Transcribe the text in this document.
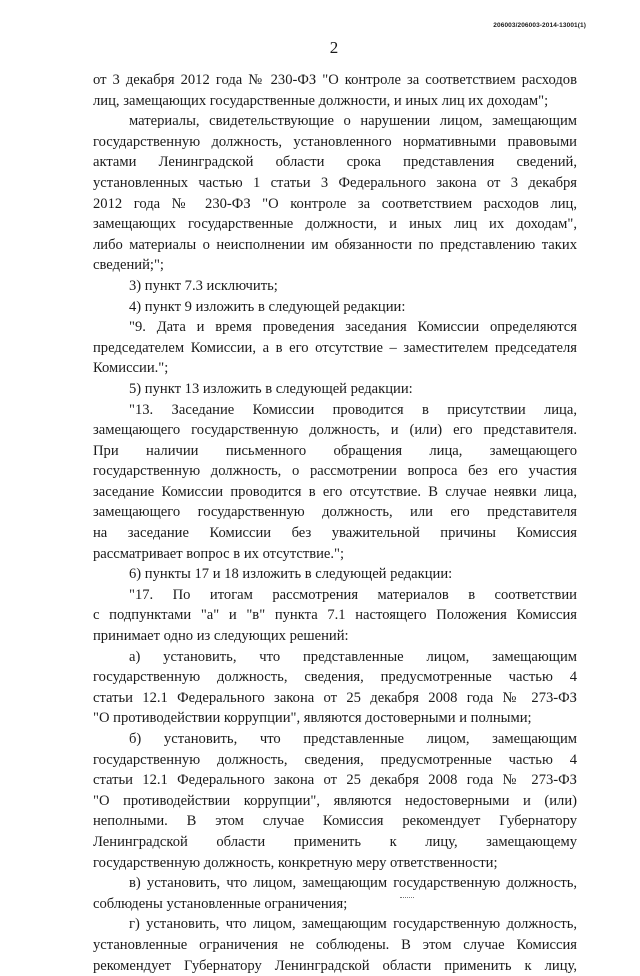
206003/206003-2014-13001(1)
2
от 3 декабря 2012 года № 230-ФЗ "О контроле за соответствием расходов
лиц, замещающих государственные должности, и иных лиц их доходам";
материалы, свидетельствующие о нарушении лицом, замещающим
государственную должность, установленного нормативными правовыми
актами Ленинградской области срока представления сведений,
установленных частью 1 статьи 3 Федерального закона от 3 декабря
2012 года № 230-ФЗ "О контроле за соответствием расходов лиц,
замещающих государственные должности, и иных лиц их доходам",
либо материалы о неисполнении им обязанности по представлению таких
сведений;";
3) пункт 7.3 исключить;
4) пункт 9 изложить в следующей редакции:
"9. Дата и время проведения заседания Комиссии определяются
председателем Комиссии, а в его отсутствие – заместителем председателя
Комиссии.";
5) пункт 13 изложить в следующей редакции:
"13. Заседание Комиссии проводится в присутствии лица,
замещающего государственную должность, и (или) его представителя.
При наличии письменного обращения лица, замещающего
государственную должность, о рассмотрении вопроса без его участия
заседание Комиссии проводится в его отсутствие. В случае неявки лица,
замещающего государственную должность, или его представителя
на заседание Комиссии без уважительной причины Комиссия
рассматривает вопрос в их отсутствие.";
6) пункты 17 и 18 изложить в следующей редакции:
"17. По итогам рассмотрения материалов в соответствии
с подпунктами "а" и "в" пункта 7.1 настоящего Положения Комиссия
принимает одно из следующих решений:
а) установить, что представленные лицом, замещающим
государственную должность, сведения, предусмотренные частью 4
статьи 12.1 Федерального закона от 25 декабря 2008 года № 273-ФЗ
"О противодействии коррупции", являются достоверными и полными;
б) установить, что представленные лицом, замещающим
государственную должность, сведения, предусмотренные частью 4
статьи 12.1 Федерального закона от 25 декабря 2008 года № 273-ФЗ
"О противодействии коррупции", являются недостоверными и (или)
неполными. В этом случае Комиссия рекомендует Губернатору
Ленинградской области применить к лицу, замещающему
государственную должность, конкретную меру ответственности;
в) установить, что лицом, замещающим государственную должность,
соблюдены установленные ограничения;
г) установить, что лицом, замещающим государственную должность,
установленные ограничения не соблюдены. В этом случае Комиссия
рекомендует Губернатору Ленинградской области применить к лицу,
